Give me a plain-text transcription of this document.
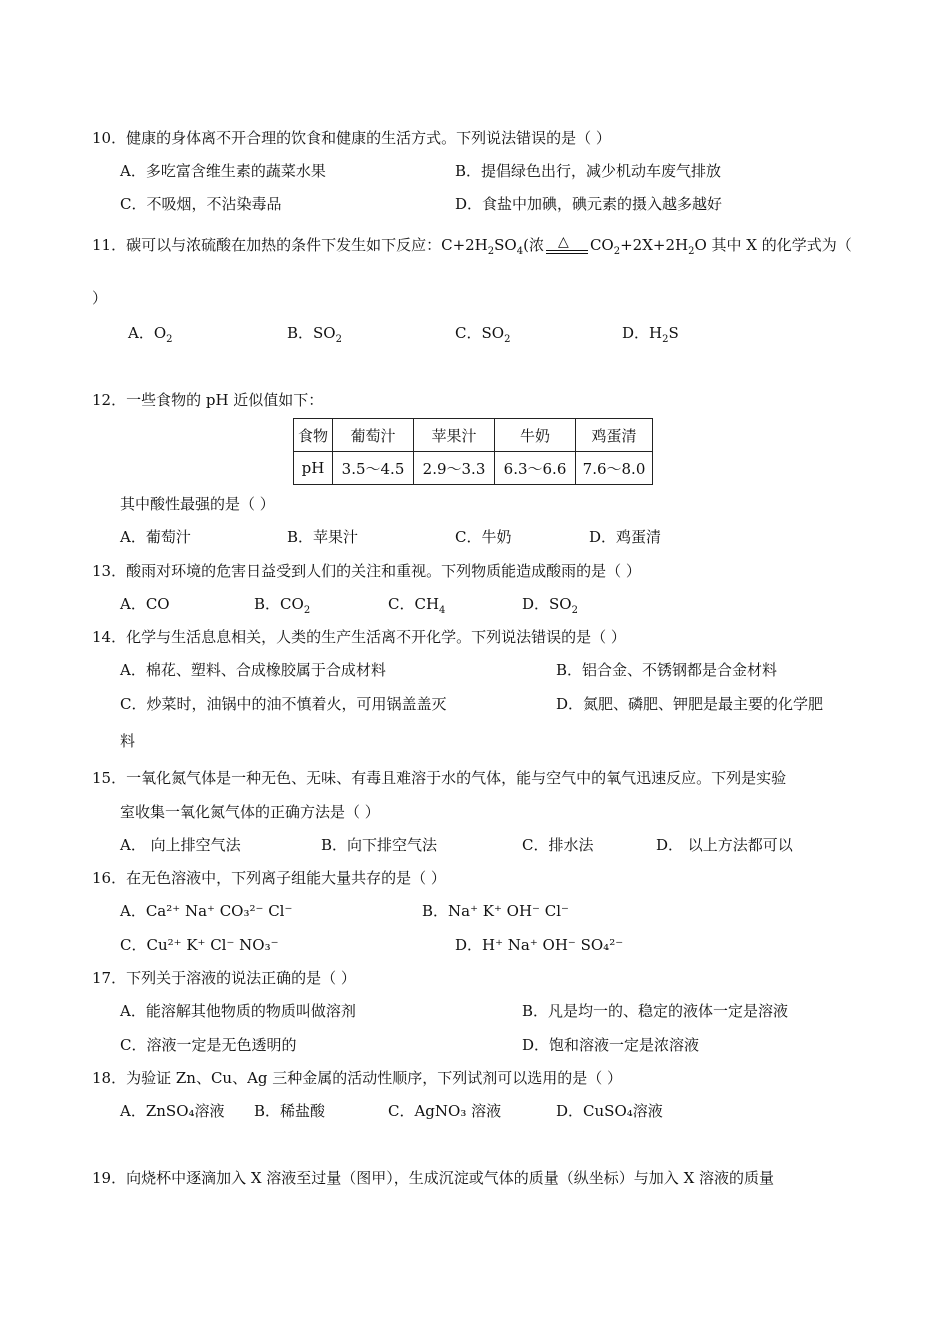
10．健康的身体离不开合理的饮食和健康的生活方式。下列说法错误的是（ ）
A．多吃富含维生素的蔬菜水果	B．提倡绿色出行，减少机动车废气排放
C．不吸烟，不沾染毒品	D．食盐中加碘，碘元素的摄入越多越好
11．碳可以与浓硫酸在加热的条件下发生如下反应：$C+2H_2SO_4$(浓 △ $CO_2+2X+2H_2O$ 其中 X 的化学式为（
）
A．$O_2$	B．$SO_2$	C．$SO_2$	D．$H_2S$
12．一些食物的 pH 近似值如下：
食物	葡萄汁	苹果汁	牛奶	鸡蛋清
pH	3.5～4.5	2.9～3.3	6.3～6.6	7.6～8.0
其中酸性最强的是（ ）
A．葡萄汁	B．苹果汁	C．牛奶	D．鸡蛋清
13．酸雨对环境的危害日益受到人们的关注和重视。下列物质能造成酸雨的是（ ）
A．CO	B．$CO_2$	C．$CH_4$	D．$SO_2$
14．化学与生活息息相关，人类的生产生活离不开化学。下列说法错误的是（ ）
A．棉花、塑料、合成橡胶属于合成材料	B．铝合金、不锈钢都是合金材料
C．炒菜时，油锅中的油不慎着火，可用锅盖盖灭	D．氮肥、磷肥、钾肥是最主要的化学肥
料
15．一氧化氮气体是一种无色、无味、有毒且难溶于水的气体，能与空气中的氧气迅速反应。下列是实验
室收集一氧化氮气体的正确方法是（ ）
A． 向上排空气法	B．向下排空气法	C．排水法	D． 以上方法都可以
16．在无色溶液中，下列离子组能大量共存的是（ ）
A．Ca²⁺ Na⁺ CO₃²⁻ Cl⁻	B．Na⁺ K⁺ OH⁻ Cl⁻
C．Cu²⁺ K⁺ Cl⁻ NO₃⁻	D．H⁺ Na⁺ OH⁻ SO₄²⁻
17．下列关于溶液的说法正确的是（ ）
A．能溶解其他物质的物质叫做溶剂	B．凡是均一的、稳定的液体一定是溶液
C．溶液一定是无色透明的	D．饱和溶液一定是浓溶液
18．为验证 Zn、Cu、Ag 三种金属的活动性顺序，下列试剂可以选用的是（ ）
A．ZnSO₄溶液 B．稀盐酸	C．AgNO₃ 溶液	D．CuSO₄溶液
19．向烧杯中逐滴加入 X 溶液至过量（图甲），生成沉淀或气体的质量（纵坐标）与加入 X 溶液的质量
